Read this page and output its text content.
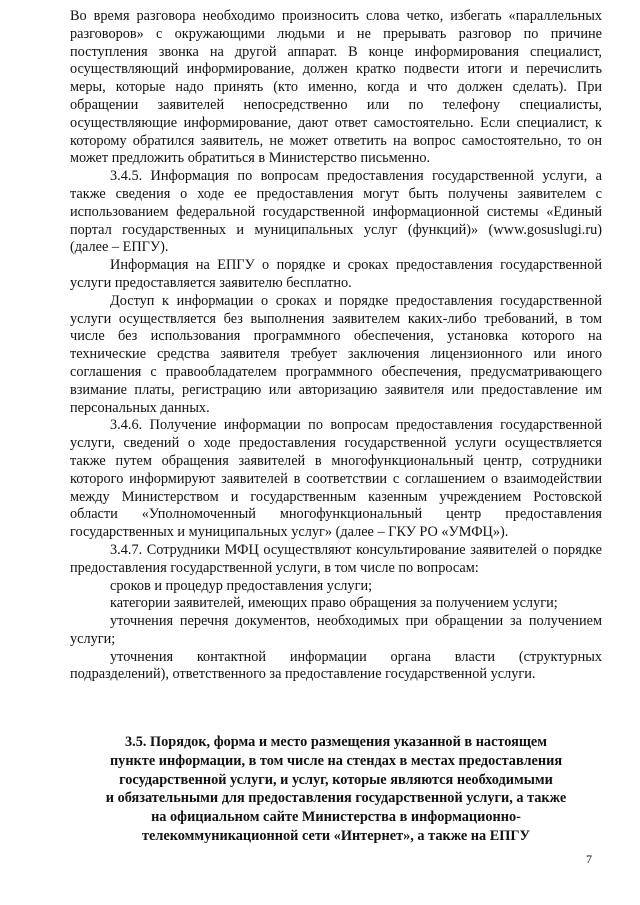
Во время разговора необходимо произносить слова четко, избегать «параллельных разговоров» с окружающими людьми и не прерывать разговор по причине поступления звонка на другой аппарат. В конце информирования специалист, осуществляющий информирование, должен кратко подвести итоги и перечислить меры, которые надо принять (кто именно, когда и что должен сделать). При обращении заявителей непосредственно или по телефону специалисты, осуществляющие информирование, дают ответ самостоятельно. Если специалист, к которому обратился заявитель, не может ответить на вопрос самостоятельно, то он может предложить обратиться в Министерство письменно.

3.4.5. Информация по вопросам предоставления государственной услуги, а также сведения о ходе ее предоставления могут быть получены заявителем с использованием федеральной государственной информационной системы «Единый портал государственных и муниципальных услуг (функций)» (www.gosuslugi.ru) (далее – ЕПГУ).

Информация на ЕПГУ о порядке и сроках предоставления государственной услуги предоставляется заявителю бесплатно.

Доступ к информации о сроках и порядке предоставления государственной услуги осуществляется без выполнения заявителем каких-либо требований, в том числе без использования программного обеспечения, установка которого на технические средства заявителя требует заключения лицензионного или иного соглашения с правообладателем программного обеспечения, предусматривающего взимание платы, регистрацию или авторизацию заявителя или предоставление им персональных данных.

3.4.6. Получение информации по вопросам предоставления государственной услуги, сведений о ходе предоставления государственной услуги осуществляется также путем обращения заявителей в многофункциональный центр, сотрудники которого информируют заявителей в соответствии с соглашением о взаимодействии между Министерством и государственным казенным учреждением Ростовской области «Уполномоченный многофункциональный центр предоставления государственных и муниципальных услуг» (далее – ГКУ РО «УМФЦ»).

3.4.7. Сотрудники МФЦ осуществляют консультирование заявителей о порядке предоставления государственной услуги, в том числе по вопросам:

сроков и процедур предоставления услуги;

категории заявителей, имеющих право обращения за получением услуги;

уточнения перечня документов, необходимых при обращении за получением услуги;

уточнения контактной информации органа власти (структурных подразделений), ответственного за предоставление государственной услуги.

3.5. Порядок, форма и место размещения указанной в настоящем
пункте информации, в том числе на стендах в местах предоставления
государственной услуги, и услуг, которые являются необходимыми
и обязательными для предоставления государственной услуги, а также
на официальном сайте Министерства в информационно-
телекоммуникационной сети «Интернет», а также на ЕПГУ
7
